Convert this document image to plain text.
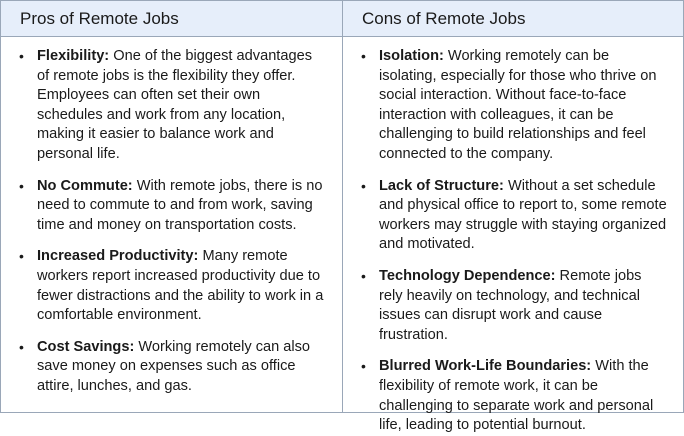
Pros of Remote Jobs	Cons of Remote Jobs
• Flexibility: One of the biggest advantages of remote jobs is the flexibility they offer. Employees can often set their own schedules and work from any location, making it easier to balance work and personal life.
• No Commute: With remote jobs, there is no need to commute to and from work, saving time and money on transportation costs.
• Increased Productivity: Many remote workers report increased productivity due to fewer distractions and the ability to work in a comfortable environment.
• Cost Savings: Working remotely can also save money on expenses such as office attire, lunches, and gas.
• Isolation: Working remotely can be isolating, especially for those who thrive on social interaction. Without face-to-face interaction with colleagues, it can be challenging to build relationships and feel connected to the company.
• Lack of Structure: Without a set schedule and physical office to report to, some remote workers may struggle with staying organized and motivated.
• Technology Dependence: Remote jobs rely heavily on technology, and technical issues can disrupt work and cause frustration.
• Blurred Work-Life Boundaries: With the flexibility of remote work, it can be challenging to separate work and personal life, leading to potential burnout.
